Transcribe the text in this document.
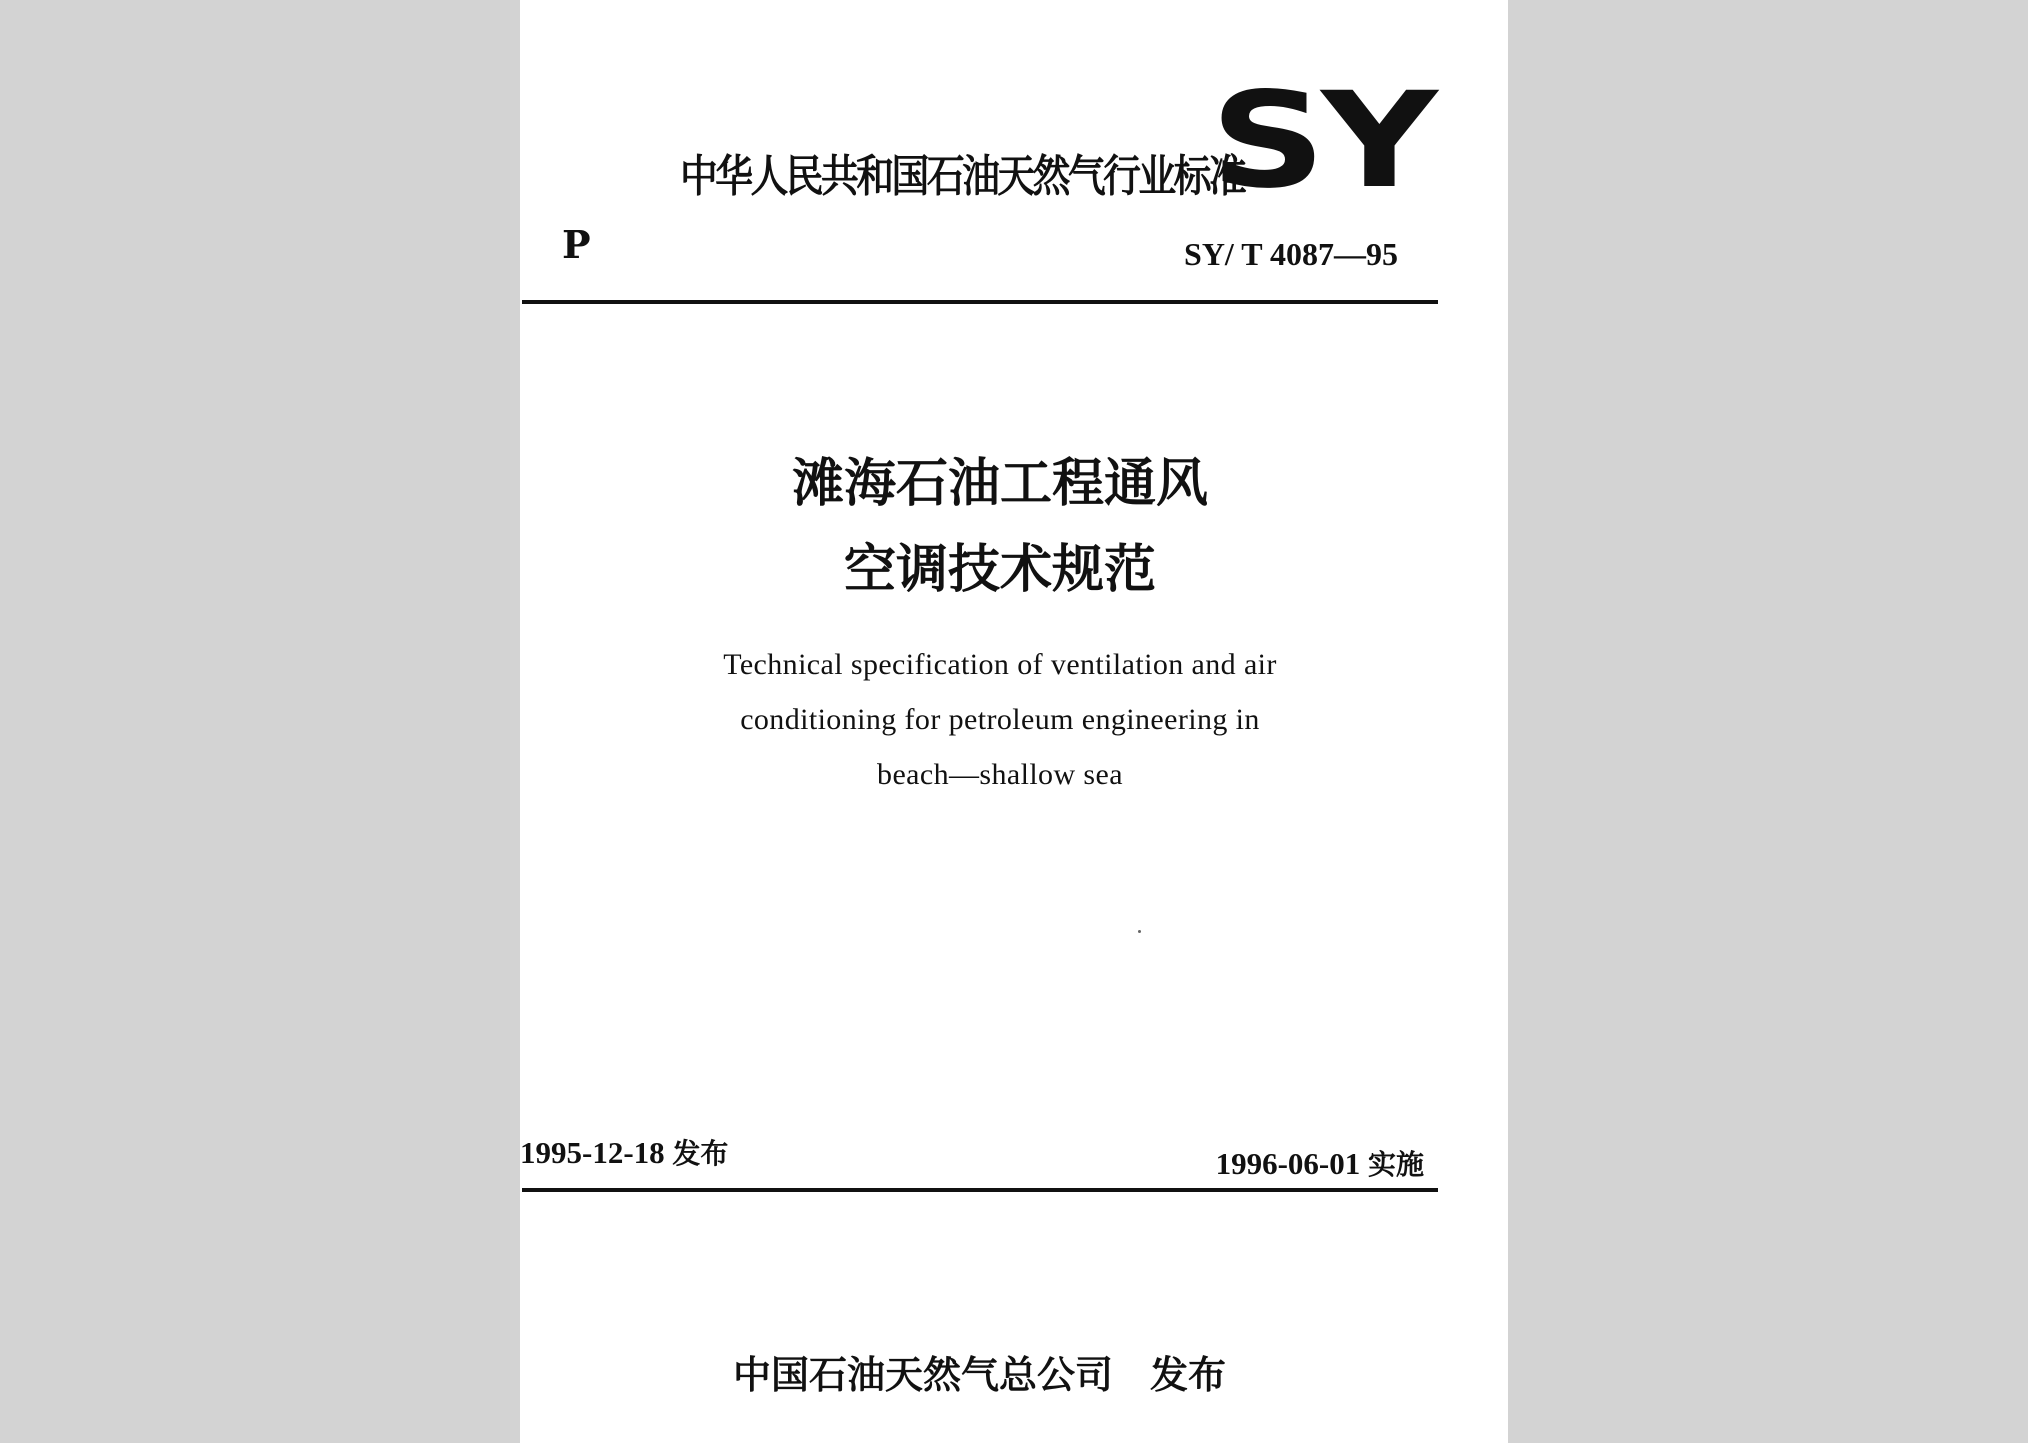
中华人民共和国石油天然气行业标准
SY
P	SY/ T 4087—95
滩海石油工程通风
空调技术规范
Technical specification of ventilation and air
conditioning for petroleum engineering in
beach—shallow sea
1995-12-18 发布	1996-06-01 实施
中国石油天然气总公司 发布
